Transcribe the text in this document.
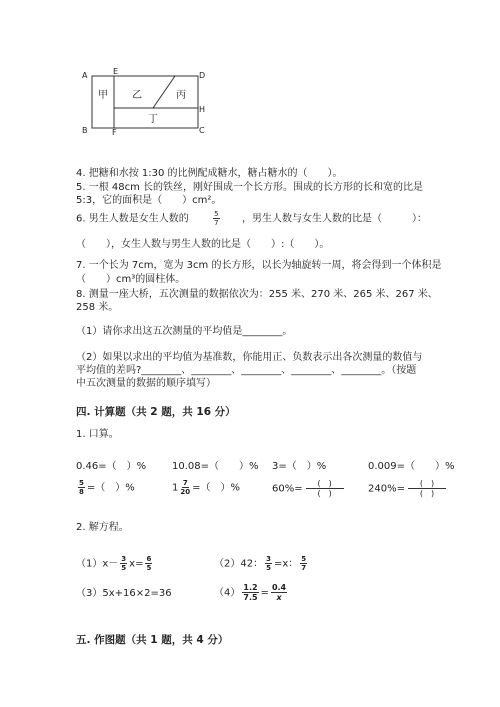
A	E	D
H
B	F	C
甲 乙	丙
丁
4. 把糖和水按 1:30 的比例配成糖水，糖占糖水的（　　）。
5. 一根 48cm 长的铁丝，刚好围成一个长方形。围成的长方形的长和宽的比是
5:3，它的面积是（　　）cm²。
6. 男生人数是女生人数的	$\frac{5}{7}$ ，男生人数与女生人数的比是（　　　）：
（　　），女生人数与男生人数的比是（　　）:（　　）。
7. 一个长为 7cm，宽为 3cm 的长方形，以长为轴旋转一周，将会得到一个体积是
（　　）cm³的圆柱体。
8. 测量一座大桥，五次测量的数据依次为：255 米、270 米、265 米、267 米、
258 米。
（1）请你求出这五次测量的平均值是________。
（2）如果以求出的平均值为基准数，你能用正、负数表示出各次测量的数值与
平均值的差吗?________、________、________、________、________。（按题
中五次测量的数据的顺序填写）
四. 计算题（共 2 题，共 16 分）
1. 口算。
0.46=（　）%	10.08=（　　）% 3=（　）%	0.009=（　　）%
$\frac{5}{8}$ =（　）%	$1 \frac{7}{20}$ =（　）%	$60\%= \frac{( )}{( )} 240\%= \frac{( )}{( )}$
2. 解方程。
$(1)x- \frac{3}{5} x= \frac{6}{5}$	（2）42： $\frac{3}{5} =x$： $\frac{5}{7}$
（3）5x+16×2=36	$(4) \frac{1.2}{7.5} = \frac{0.4}{x}$
五. 作图题（共 1 题，共 4 分）
